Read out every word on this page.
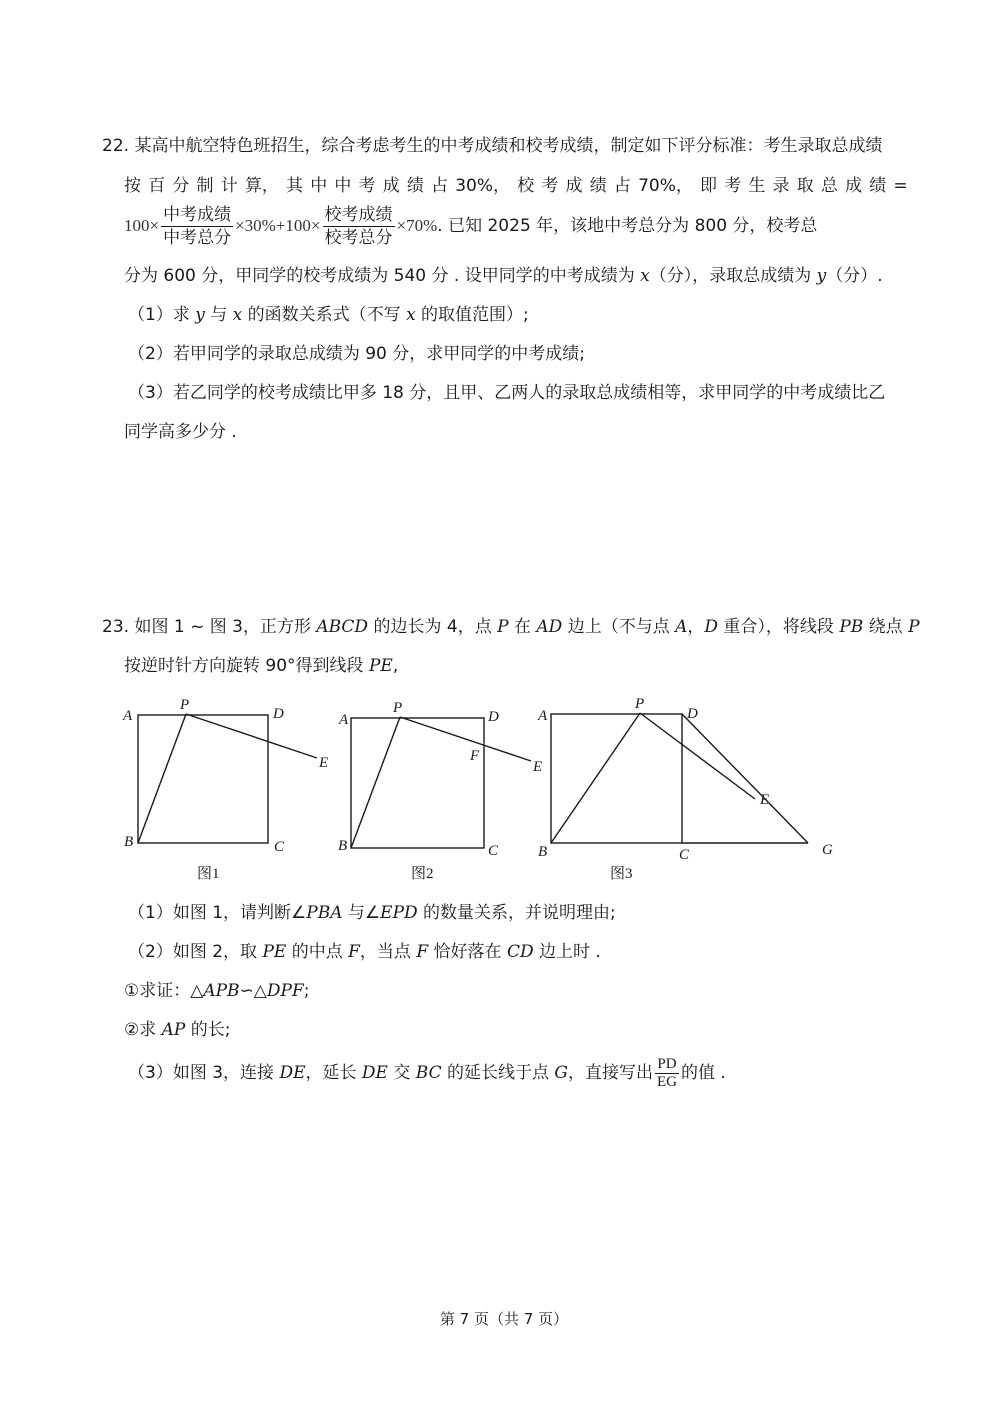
22. 某高中航空特色班招生，综合考虑考生的中考成绩和校考成绩，制定如下评分标准：考生录取总成绩
按 百 分 制 计 算， 其 中 中 考 成 绩 占 30%， 校 考 成 绩 占 70%， 即 考 生 录 取 总 成 绩 =
$100\times \frac{\text{中考成绩}}{\text{中考总分}} \times 30\%+100\times \frac{\text{校考成绩}}{\text{校考总分}} \times 70\%$. 已知 2025 年，该地中考总分为 800 分，校考总
分为 600 分，甲同学的校考成绩为 540 分 . 设甲同学的中考成绩为 x（分），录取总成绩为 y（分）.
（1）求 y 与 x 的函数关系式（不写 x 的取值范围）;
（2）若甲同学的录取总成绩为 90 分，求甲同学的中考成绩;
（3）若乙同学的校考成绩比甲多 18 分，且甲、乙两人的录取总成绩相等，求甲同学的中考成绩比乙
同学高多少分 .
23. 如图 1 ~ 图 3，正方形 ABCD 的边长为 4，点 P 在 AD 边上（不与点 A，D 重合），将线段 PB 绕点 P
按逆时针方向旋转 90°得到线段 PE,
A
P
D
E
B	C
A
P
D
F
E
B	C
A
P
D
E
B	C	G
图1	图2	图3
（1）如图 1，请判断∠PBA 与∠EPD 的数量关系，并说明理由;
（2）如图 2，取 PE 的中点 F，当点 F 恰好落在 CD 边上时 .
①求证：△APB∽△DPF;
②求 AP 的长;
（3）如图 3，连接 DE，延长 DE 交 BC 的延长线于点 G，直接写出 $\frac{PD}{EG}$ 的值 .
第 7 页（共 7 页）
